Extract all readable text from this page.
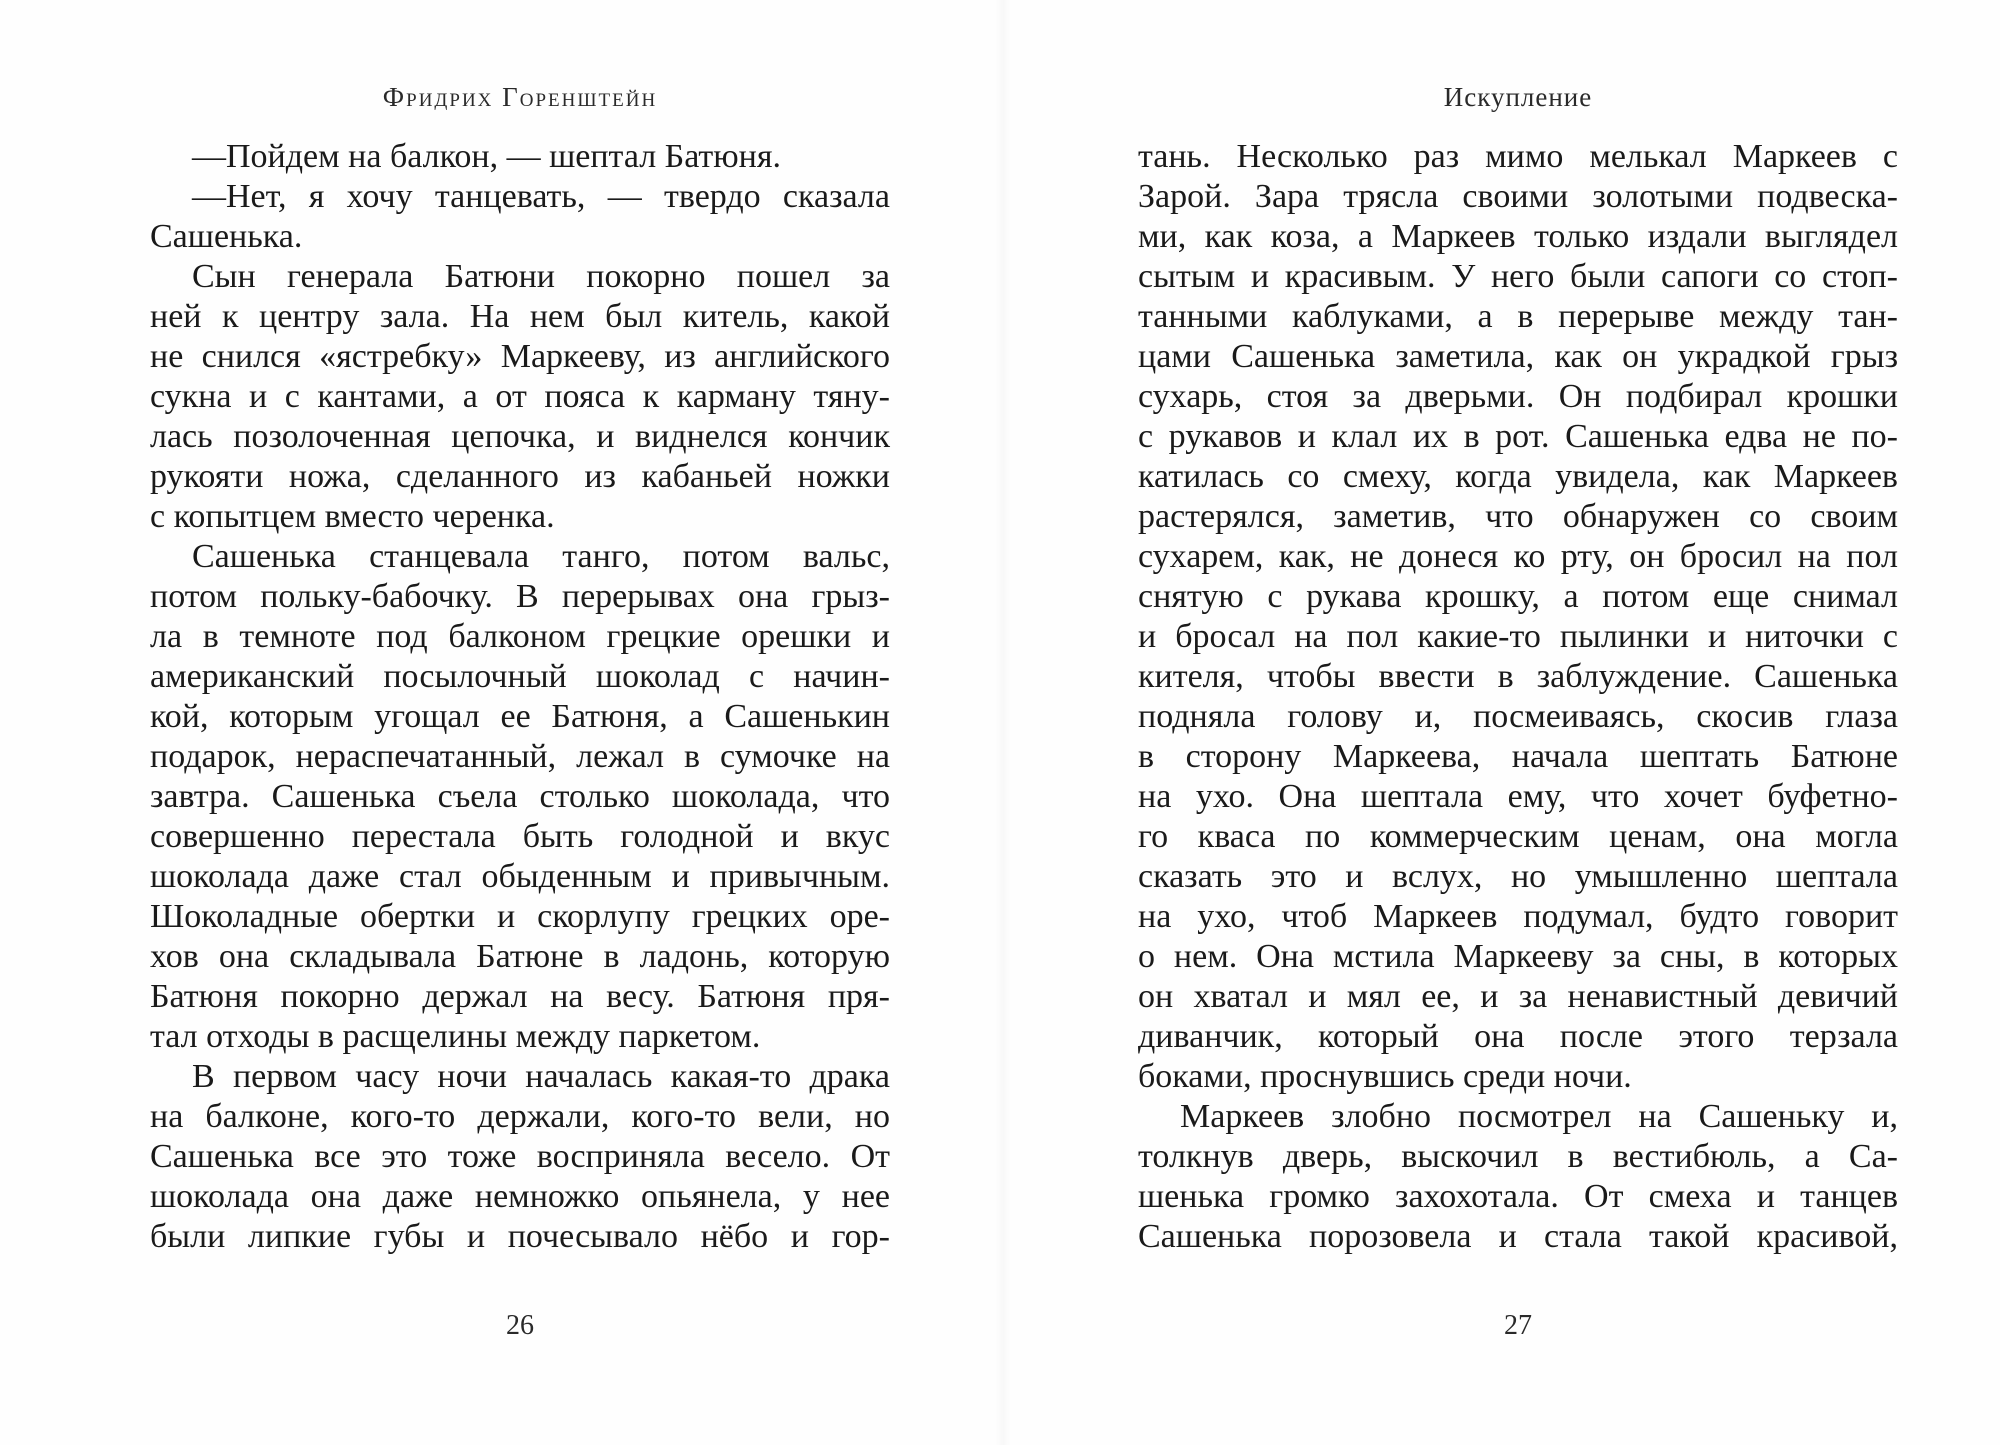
Фридрих Горенштейн
—Пойдем на балкон, — шептал Батюня.
—Нет, я хочу танцевать, — твердо сказала
Сашенька.
Сын генерала Батюни покорно пошел за
ней к центру зала. На нем был китель, какой
не снился «ястребку» Маркееву, из английского
сукна и с кантами, а от пояса к карману тяну-
лась позолоченная цепочка, и виднелся кончик
рукояти ножа, сделанного из кабаньей ножки
с копытцем вместо черенка.
Сашенька станцевала танго, потом вальс,
потом польку-бабочку. В перерывах она грыз-
ла в темноте под балконом грецкие орешки и
американский посылочный шоколад с начин-
кой, которым угощал ее Батюня, а Сашенькин
подарок, нераспечатанный, лежал в сумочке на
завтра. Сашенька съела столько шоколада, что
совершенно перестала быть голодной и вкус
шоколада даже стал обыденным и привычным.
Шоколадные обертки и скорлупу грецких оре-
хов она складывала Батюне в ладонь, которую
Батюня покорно держал на весу. Батюня пря-
тал отходы в расщелины между паркетом.
В первом часу ночи началась какая-то драка
на балконе, кого-то держали, кого-то вели, но
Сашенька все это тоже восприняла весело. От
шоколада она даже немножко опьянела, у нее
были липкие губы и почесывало нёбо и гор-
26
Искупление
тань. Несколько раз мимо мелькал Маркеев с
Зарой. Зара трясла своими золотыми подвеска-
ми, как коза, а Маркеев только издали выглядел
сытым и красивым. У него были сапоги со стоп-
танными каблуками, а в перерыве между тан-
цами Сашенька заметила, как он украдкой грыз
сухарь, стоя за дверьми. Он подбирал крошки
с рукавов и клал их в рот. Сашенька едва не по-
катилась со смеху, когда увидела, как Маркеев
растерялся, заметив, что обнаружен со своим
сухарем, как, не донеся ко рту, он бросил на пол
снятую с рукава крошку, а потом еще снимал
и бросал на пол какие-то пылинки и ниточки с
кителя, чтобы ввести в заблуждение. Сашенька
подняла голову и, посмеиваясь, скосив глаза
в сторону Маркеева, начала шептать Батюне
на ухо. Она шептала ему, что хочет буфетно-
го кваса по коммерческим ценам, она могла
сказать это и вслух, но умышленно шептала
на ухо, чтоб Маркеев подумал, будто говорит
о нем. Она мстила Маркееву за сны, в которых
он хватал и мял ее, и за ненавистный девичий
диванчик, который она после этого терзала
боками, проснувшись среди ночи.
Маркеев злобно посмотрел на Сашеньку и,
толкнув дверь, выскочил в вестибюль, а Са-
шенька громко захохотала. От смеха и танцев
Сашенька порозовела и стала такой красивой,
27
